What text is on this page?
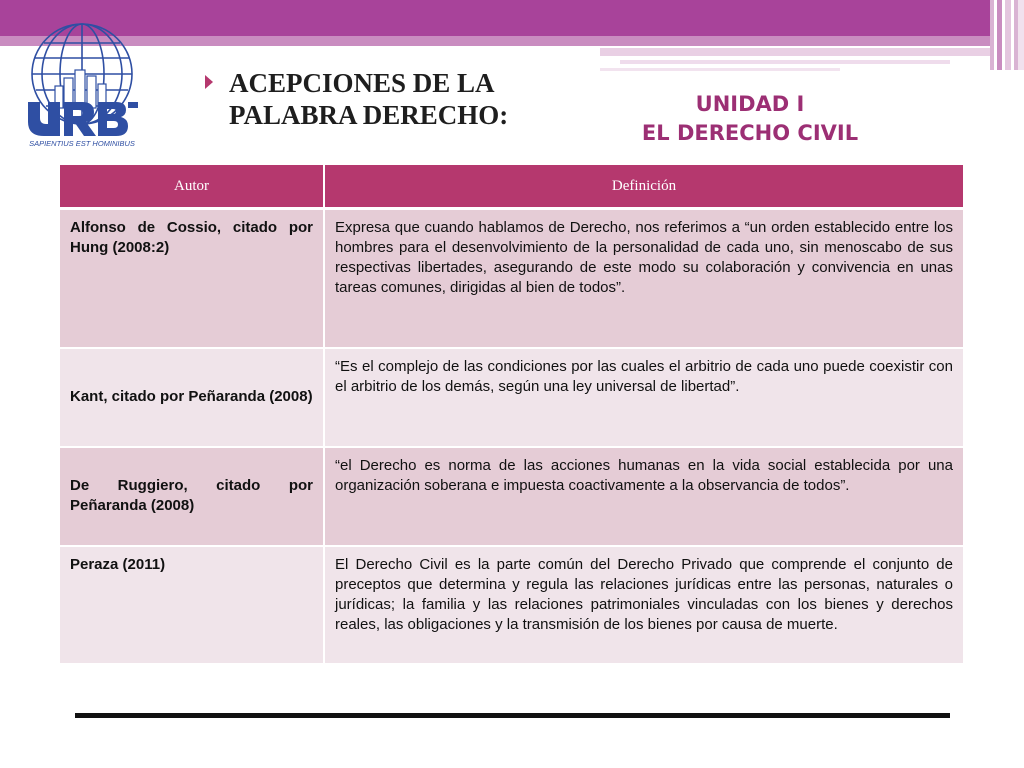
SAPIENTIUS EST HOMINIBUS
ACEPCIONES DE LA
PALABRA DERECHO:	UNIDAD I
EL DERECHO CIVIL
Autor	Definición
Alfonso de Cossio, citado por Hung (2008:2)	Expresa que cuando hablamos de Derecho, nos referimos a “un orden establecido entre los hombres para el desenvolvimiento de la personalidad de cada uno, sin menoscabo de sus respectivas libertades, asegurando de este modo su colaboración y convivencia en unas tareas comunes, dirigidas al bien de todos”.
Kant, citado por Peñaranda (2008)	“Es el complejo de las condiciones por las cuales el arbitrio de cada uno puede coexistir con el arbitrio de los demás, según una ley universal de libertad”.
De Ruggiero, citado por Peñaranda (2008)	“el Derecho es norma de las acciones humanas en la vida social establecida por una organización soberana e impuesta coactivamente a la observancia de todos”.
Peraza (2011)	El Derecho Civil es la parte común del Derecho Privado que comprende el conjunto de preceptos que determina y regula las relaciones jurídicas entre las personas, naturales o jurídicas; la familia y las relaciones patrimoniales vinculadas con los bienes y derechos reales, las obligaciones y la transmisión de los bienes por causa de muerte.
